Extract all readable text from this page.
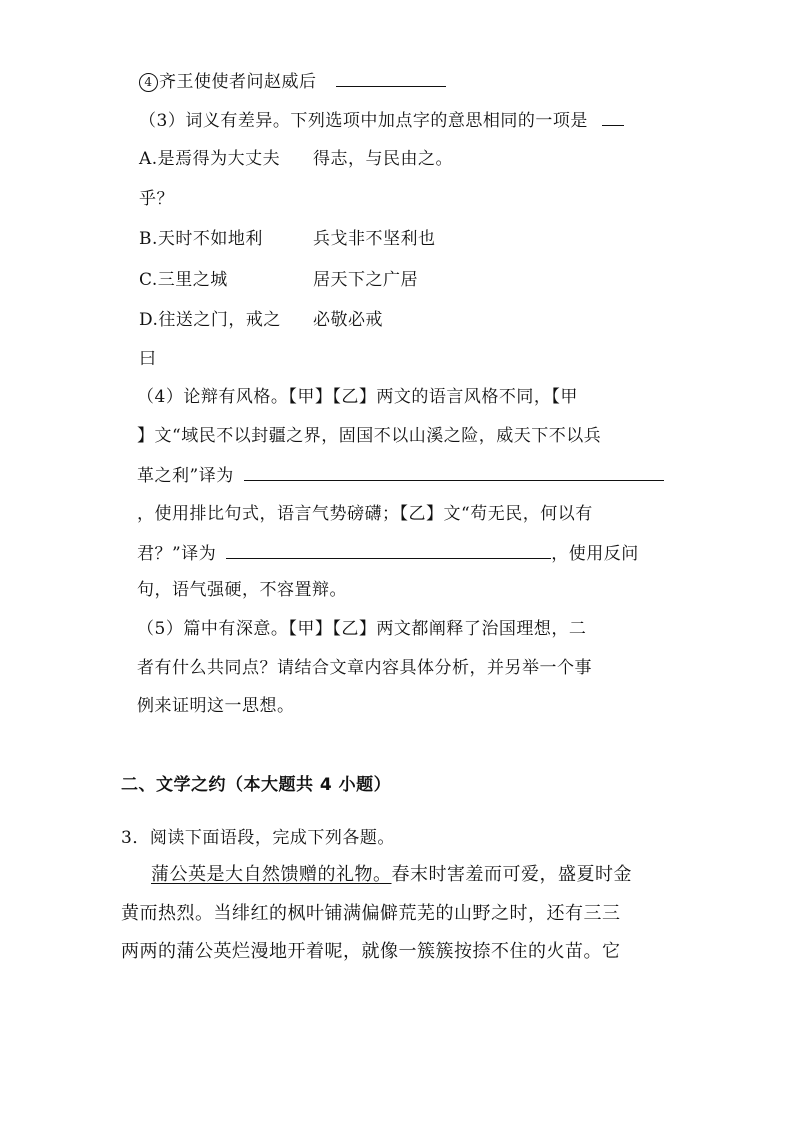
4 齐王使使者问赵威后
（3）词义有差异。下列选项中加点字的意思相同的一项是
A.是焉得为大丈夫 得志，与民由之。
乎？
B.天时不如地利	兵戈非不坚利也
C.三里之城	居天下之广居
D.往送之门，戒之 必敬必戒
曰
（4）论辩有风格。【甲】【乙】两文的语言风格不同，【甲
】文“域民不以封疆之界，固国不以山溪之险，威天下不以兵
革之利”译为
，使用排比句式，语言气势磅礴；【乙】文“苟无民，何以有
君？”译为	，使用反问
句，语气强硬，不容置辩。
（5）篇中有深意。【甲】【乙】两文都阐释了治国理想，二
者有什么共同点？请结合文章内容具体分析，并另举一个事
例来证明这一思想。
二、文学之约（本大题共 4 小题）
3．阅读下面语段，完成下列各题。
蒲公英是大自然馈赠的礼物。春末时害羞而可爱，盛夏时金
黄而热烈。当绯红的枫叶铺满偏僻荒芜的山野之时，还有三三
两两的蒲公英烂漫地开着呢，就像一簇簇按捺不住的火苗。它
